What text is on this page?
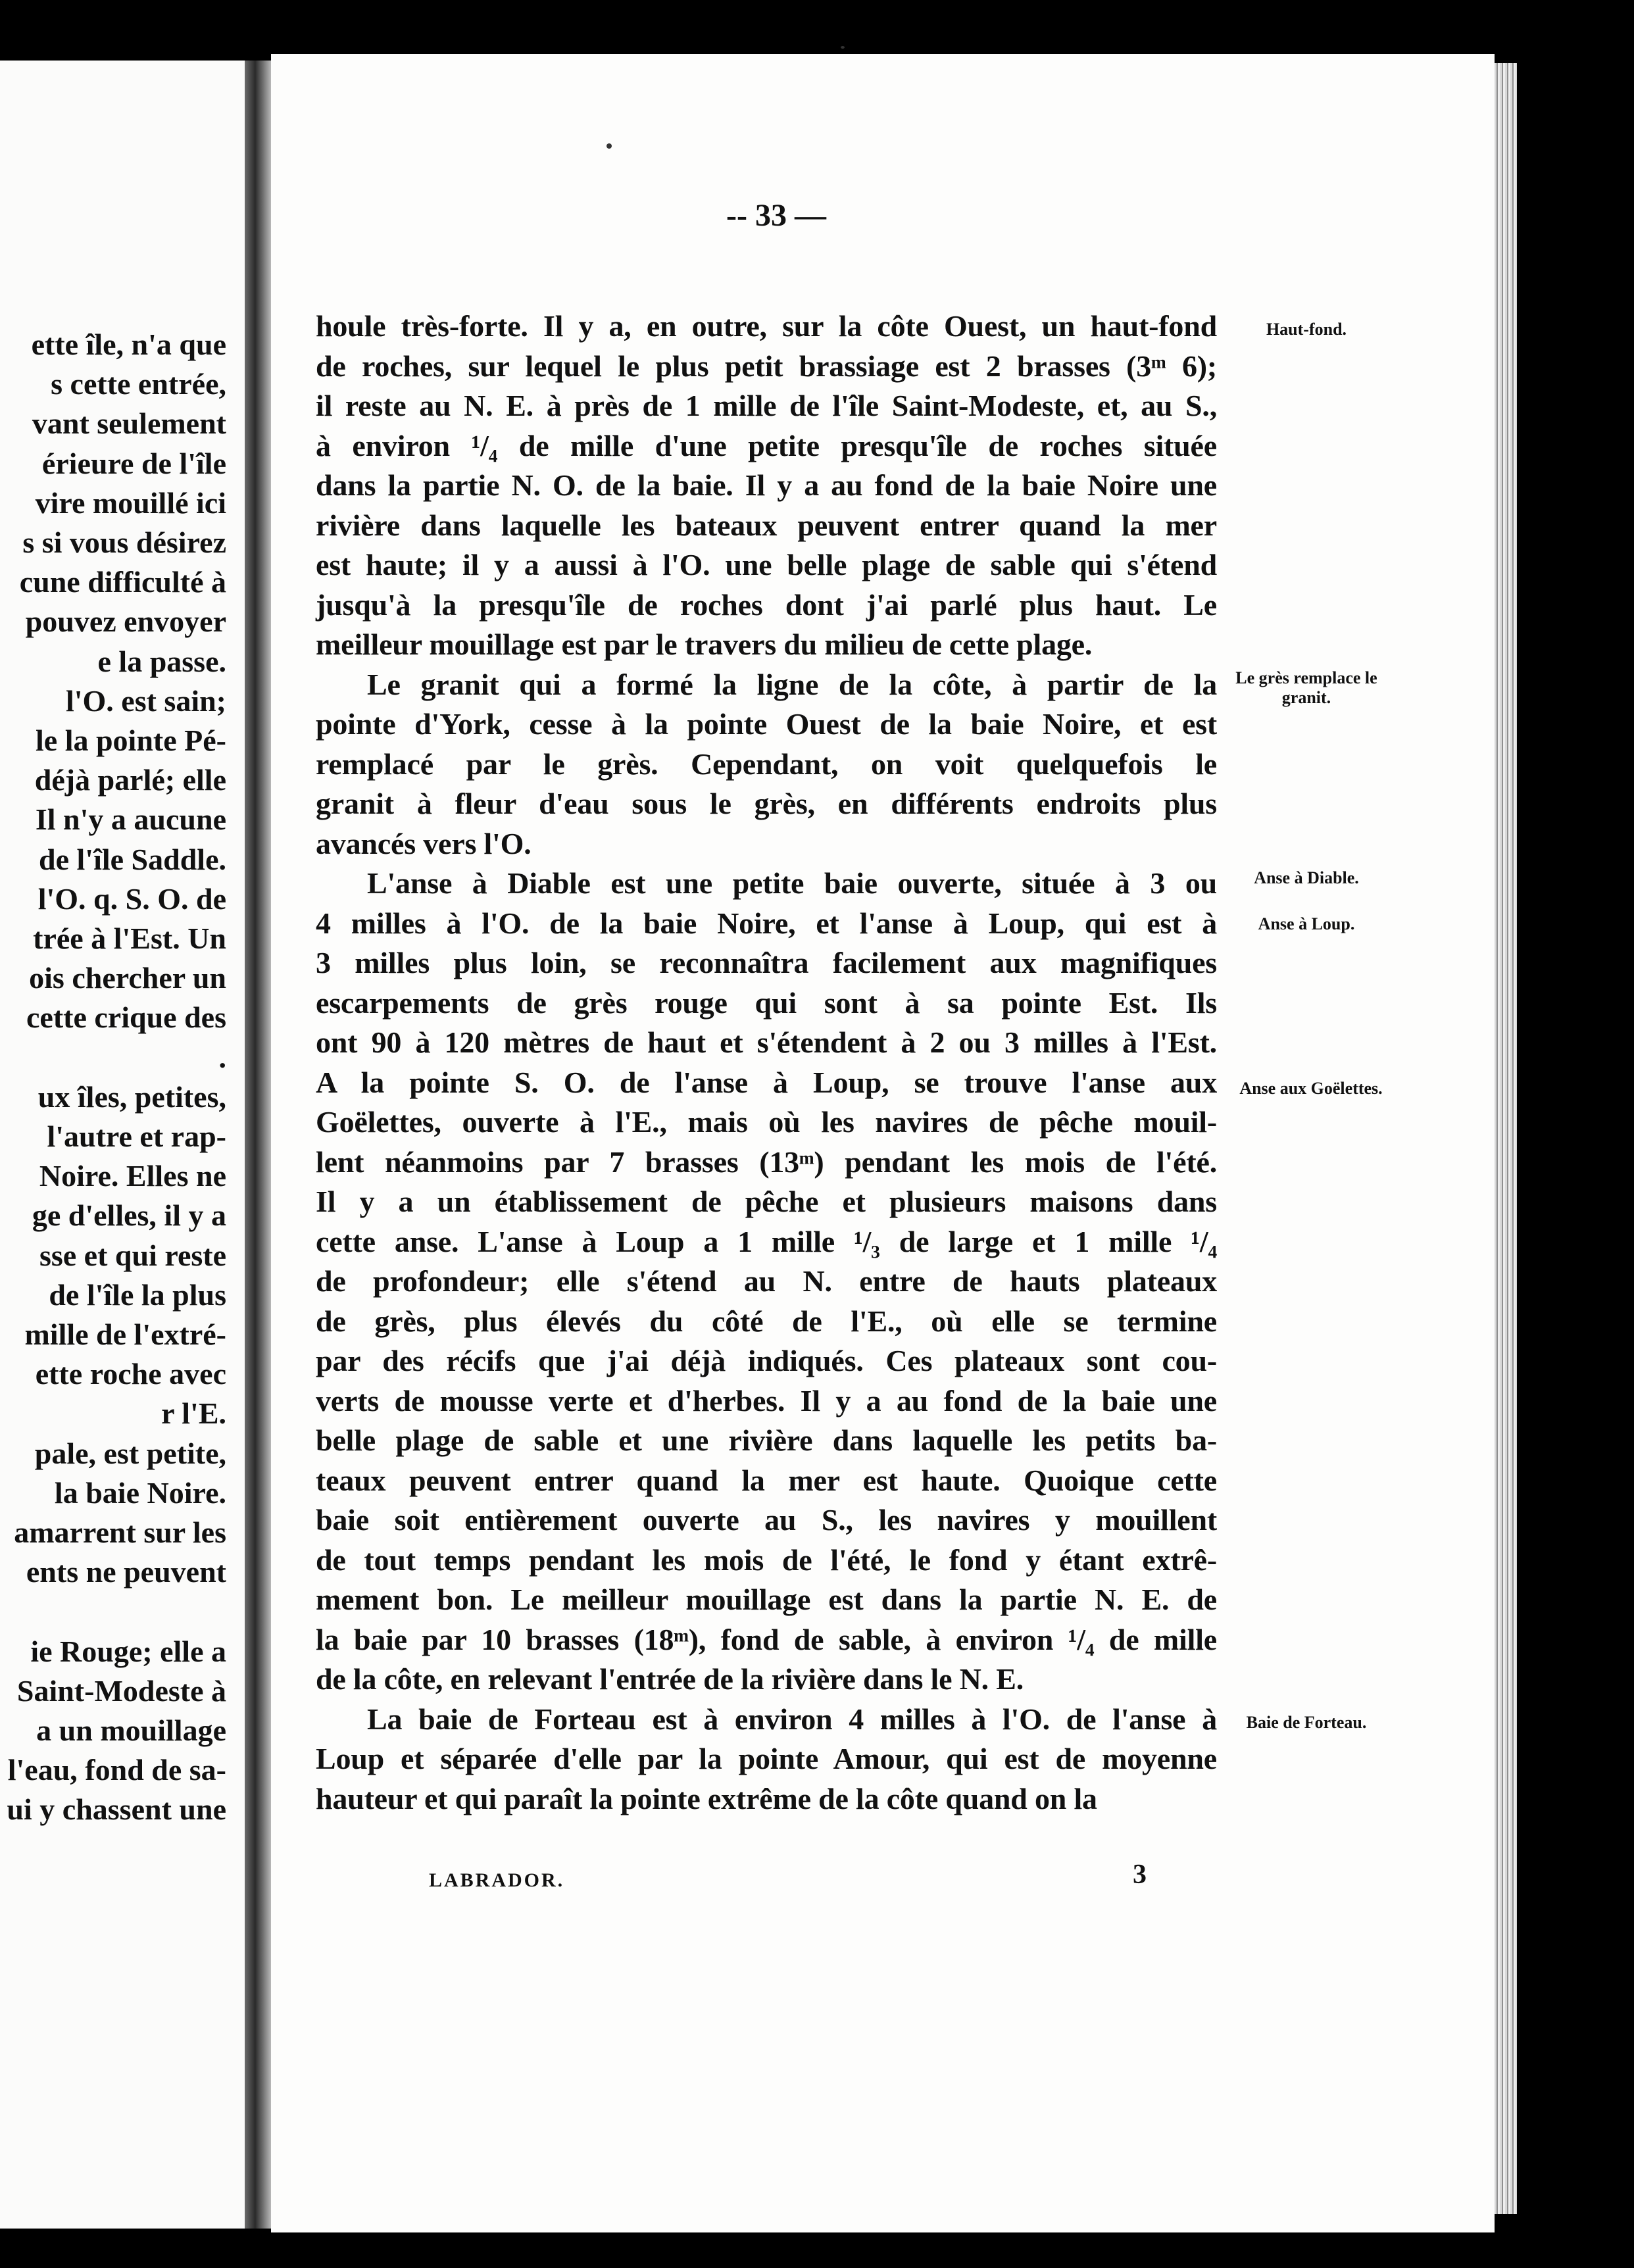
ette île, n'a que
s cette entrée,
vant seulement
érieure de l'île
vire mouillé ici
s si vous désirez
cune difficulté à
pouvez envoyer
e la passe.
l'O. est sain;
le la pointe Pé-
déjà parlé; elle
Il n'y a aucune
de l'île Saddle.
l'O. q. S. O. de
trée à l'Est. Un
ois chercher un
cette crique des
.
ux îles, petites,
l'autre et rap-
Noire. Elles ne
ge d'elles, il y a
sse et qui reste
de l'île la plus
mille de l'extré-
ette roche avec
r l'E.
pale, est petite,
la baie Noire.
amarrent sur les
ents ne peuvent
ie Rouge; elle a
Saint-Modeste à
a un mouillage
l'eau, fond de sa-
ui y chassent une
-- 33 —

houle très-forte. Il y a, en outre, sur la côte Ouest, un haut-fond
de roches, sur lequel le plus petit brassiage est 2 brasses (3ᵐ 6);
il reste au N. E. à près de 1 mille de l'île Saint-Modeste, et, au S.,
à environ ¹/₄ de mille d'une petite presqu'île de roches située
dans la partie N. O. de la baie. Il y a au fond de la baie Noire une
rivière dans laquelle les bateaux peuvent entrer quand la mer
est haute; il y a aussi à l'O. une belle plage de sable qui s'étend
jusqu'à la presqu'île de roches dont j'ai parlé plus haut. Le
meilleur mouillage est par le travers du milieu de cette plage.

Le granit qui a formé la ligne de la côte, à partir de la
pointe d'York, cesse à la pointe Ouest de la baie Noire, et est
remplacé par le grès. Cependant, on voit quelquefois le
granit à fleur d'eau sous le grès, en différents endroits plus
avancés vers l'O.

L'anse à Diable est une petite baie ouverte, située à 3 ou
4 milles à l'O. de la baie Noire, et l'anse à Loup, qui est à
3 milles plus loin, se reconnaîtra facilement aux magnifiques
escarpements de grès rouge qui sont à sa pointe Est. Ils
ont 90 à 120 mètres de haut et s'étendent à 2 ou 3 milles à l'Est.
A la pointe S. O. de l'anse à Loup, se trouve l'anse aux
Goëlettes, ouverte à l'E., mais où les navires de pêche mouil-
lent néanmoins par 7 brasses (13ᵐ) pendant les mois de l'été.
Il y a un établissement de pêche et plusieurs maisons dans
cette anse. L'anse à Loup a 1 mille ¹/₃ de large et 1 mille ¹/₄
de profondeur; elle s'étend au N. entre de hauts plateaux
de grès, plus élevés du côté de l'E., où elle se termine
par des récifs que j'ai déjà indiqués. Ces plateaux sont cou-
verts de mousse verte et d'herbes. Il y a au fond de la baie une
belle plage de sable et une rivière dans laquelle les petits ba-
teaux peuvent entrer quand la mer est haute. Quoique cette
baie soit entièrement ouverte au S., les navires y mouillent
de tout temps pendant les mois de l'été, le fond y étant extrê-
mement bon. Le meilleur mouillage est dans la partie N. E. de
la baie par 10 brasses (18ᵐ), fond de sable, à environ ¹/₄ de mille
de la côte, en relevant l'entrée de la rivière dans le N. E.

La baie de Forteau est à environ 4 milles à l'O. de l'anse à
Loup et séparée d'elle par la pointe Amour, qui est de moyenne
hauteur et qui paraît la pointe extrême de la côte quand on la

Haut-fond.
Le grès remplace le granit.
Anse à Diable.
Anse à Loup.
Anse aux Goëlettes.
Baie de Forteau.
LABRADOR.	3
